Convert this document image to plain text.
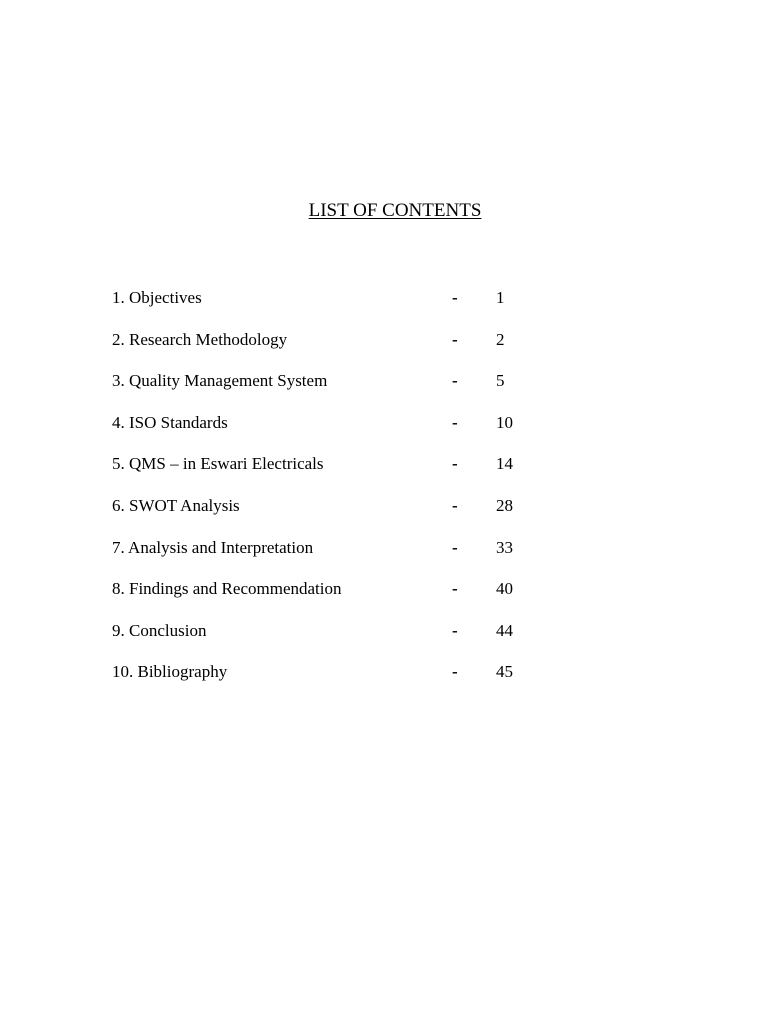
LIST OF CONTENTS
1. Objectives	- 1
2. Research Methodology	- 2
3. Quality Management System	- 5
4. ISO Standards	- 10
5. QMS – in Eswari Electricals	- 14
6. SWOT Analysis	- 28
7. Analysis and Interpretation	- 33
8. Findings and Recommendation	- 40
9. Conclusion	- 44
10. Bibliography	- 45
